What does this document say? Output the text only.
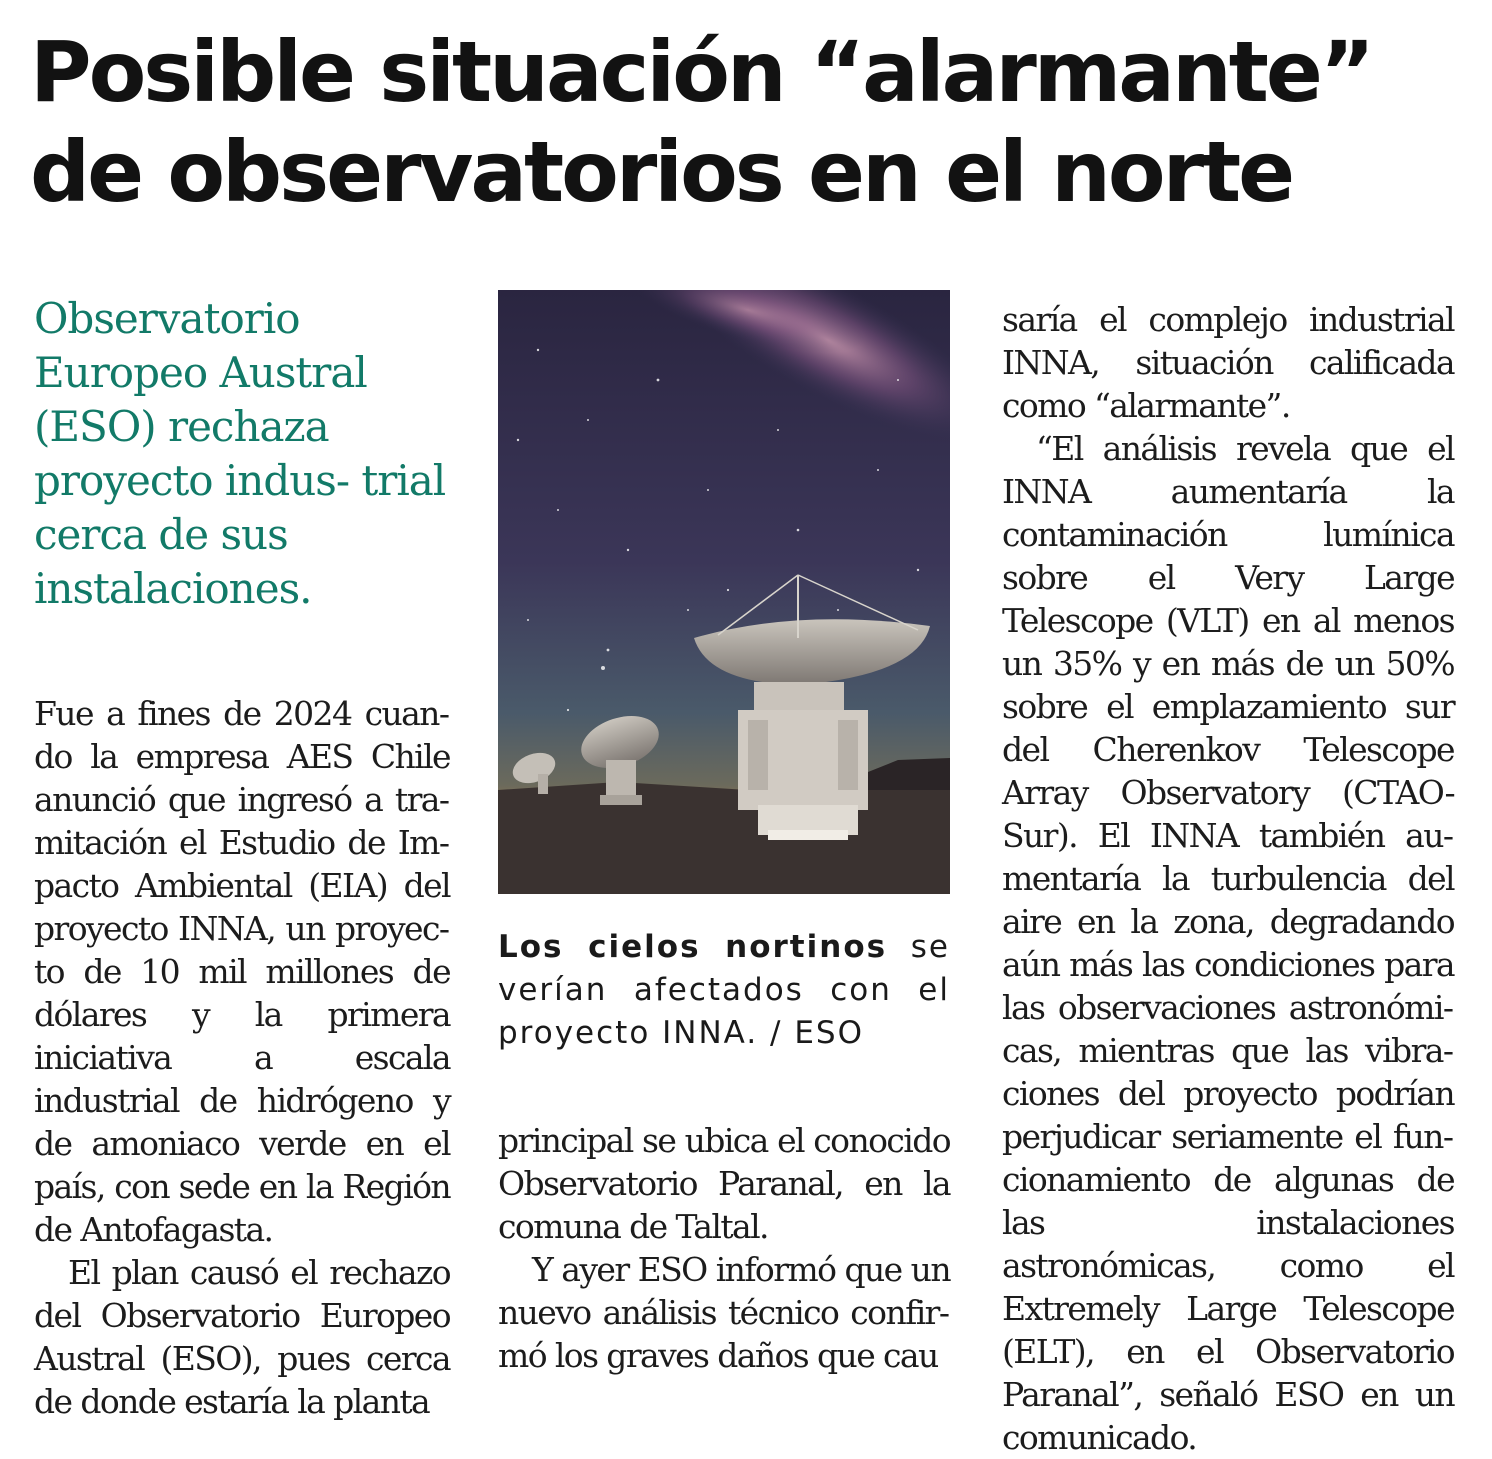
Posible situación “alarmante”
de observatorios en el norte

Observatorio Europeo Austral (ESO) rechaza proyecto indus- trial cerca de sus instalaciones.

Fue a fines de 2024 cuando la empresa AES Chile anunció que ingresó a tramitación el Estudio de Impacto Ambiental (EIA) del proyecto INNA, un proyecto de 10 mil millones de dólares y la primera iniciativa a escala industrial de hidrógeno y de amoniaco verde en el país, con sede en la Región de Antofagasta.

El plan causó el rechazo del Observatorio Europeo Austral (ESO), pues cerca de donde estaría la planta

Los cielos nortinos se verían afectados con el proyecto INNA. / ESO

principal se ubica el conocido Observatorio Paranal, en la comuna de Taltal.

Y ayer ESO informó que un nuevo análisis técnico confirmó los graves daños que cau

saría el complejo industrial INNA, situación calificada como “alarmante”.

“El análisis revela que el INNA aumentaría la contaminación lumínica sobre el Very Large Telescope (VLT) en al menos un 35% y en más de un 50% sobre el emplazamiento sur del Cherenkov Telescope Array Observatory (CTAO-Sur). El INNA también aumentaría la turbulencia del aire en la zona, degradando aún más las condiciones para las observaciones astronómicas, mientras que las vibraciones del proyecto podrían perjudicar seriamente el funcionamiento de algunas de las instalaciones astronómicas, como el Extremely Large Telescope (ELT), en el Observatorio Paranal”, señaló ESO en un comunicado.
